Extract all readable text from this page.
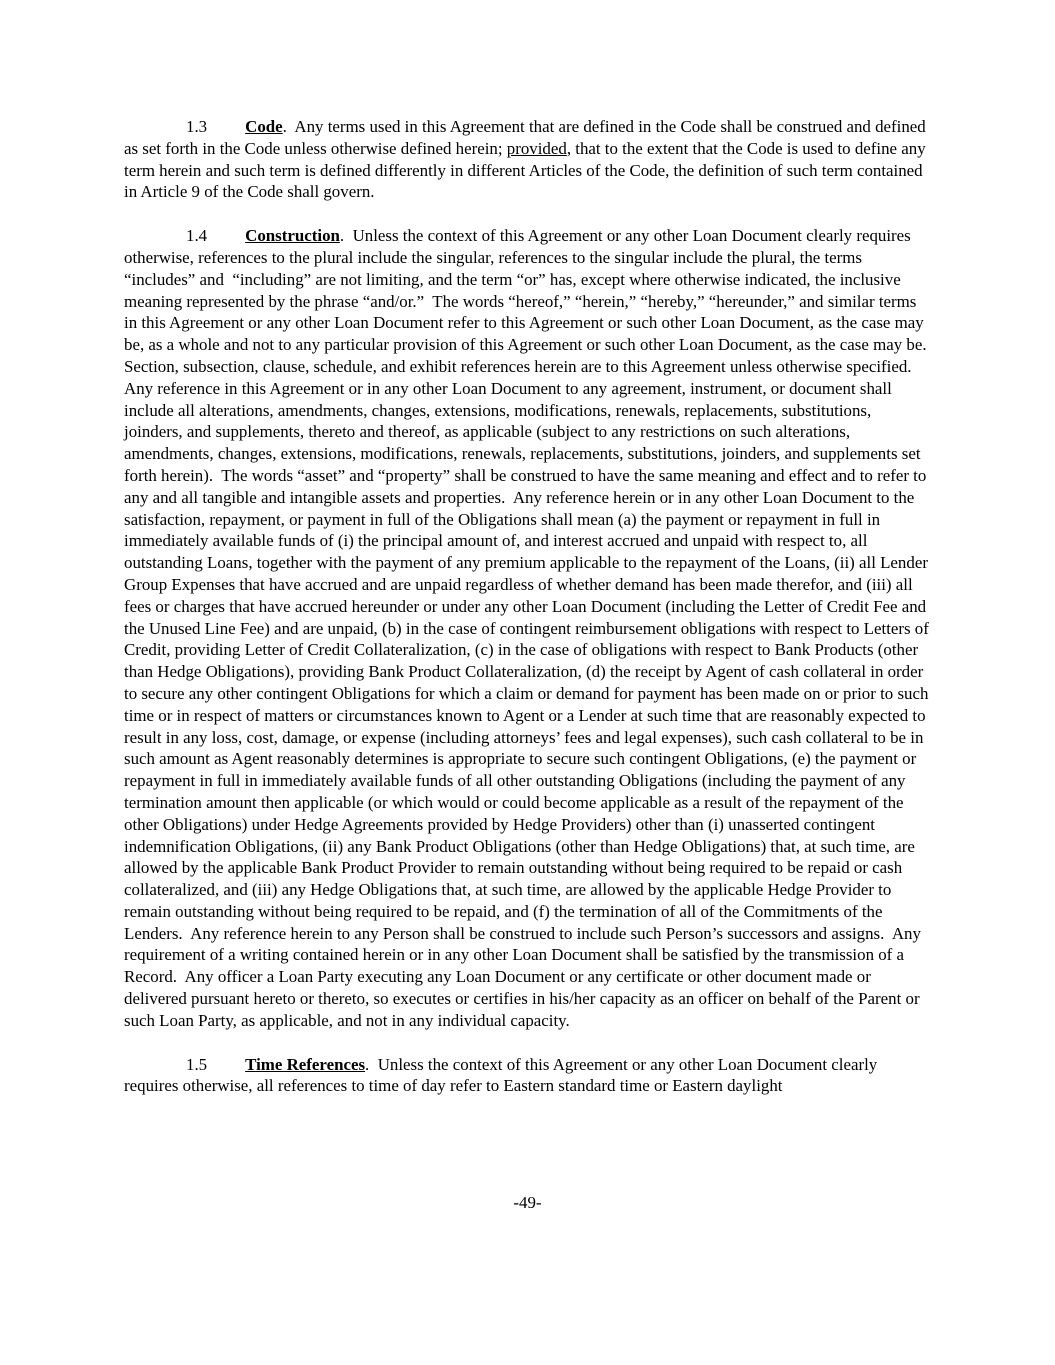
1.3 Code.  Any terms used in this Agreement that are defined in the Code shall be construed and defined as set forth in the Code unless otherwise defined herein; provided, that to the extent that the Code is used to define any term herein and such term is defined differently in different Articles of the Code, the definition of such term contained in Article 9 of the Code shall govern.

1.4 Construction.  Unless the context of this Agreement or any other Loan Document clearly requires otherwise, references to the plural include the singular, references to the singular include the plural, the terms “includes” and  “including” are not limiting, and the term “or” has, except where otherwise indicated, the inclusive meaning represented by the phrase “and/or.”  The words “hereof,” “herein,” “hereby,” “hereunder,” and similar terms in this Agreement or any other Loan Document refer to this Agreement or such other Loan Document, as the case may be, as a whole and not to any particular provision of this Agreement or such other Loan Document, as the case may be.  Section, subsection, clause, schedule, and exhibit references herein are to this Agreement unless otherwise specified.  Any reference in this Agreement or in any other Loan Document to any agreement, instrument, or document shall include all alterations, amendments, changes, extensions, modifications, renewals, replacements, substitutions, joinders, and supplements, thereto and thereof, as applicable (subject to any restrictions on such alterations, amendments, changes, extensions, modifications, renewals, replacements, substitutions, joinders, and supplements set forth herein).  The words “asset” and “property” shall be construed to have the same meaning and effect and to refer to any and all tangible and intangible assets and properties.  Any reference herein or in any other Loan Document to the satisfaction, repayment, or payment in full of the Obligations shall mean (a) the payment or repayment in full in immediately available funds of (i) the principal amount of, and interest accrued and unpaid with respect to, all outstanding Loans, together with the payment of any premium applicable to the repayment of the Loans, (ii) all Lender Group Expenses that have accrued and are unpaid regardless of whether demand has been made therefor, and (iii) all fees or charges that have accrued hereunder or under any other Loan Document (including the Letter of Credit Fee and the Unused Line Fee) and are unpaid, (b) in the case of contingent reimbursement obligations with respect to Letters of Credit, providing Letter of Credit Collateralization, (c) in the case of obligations with respect to Bank Products (other than Hedge Obligations), providing Bank Product Collateralization, (d) the receipt by Agent of cash collateral in order to secure any other contingent Obligations for which a claim or demand for payment has been made on or prior to such time or in respect of matters or circumstances known to Agent or a Lender at such time that are reasonably expected to result in any loss, cost, damage, or expense (including attorneys’ fees and legal expenses), such cash collateral to be in such amount as Agent reasonably determines is appropriate to secure such contingent Obligations, (e) the payment or repayment in full in immediately available funds of all other outstanding Obligations (including the payment of any termination amount then applicable (or which would or could become applicable as a result of the repayment of the other Obligations) under Hedge Agreements provided by Hedge Providers) other than (i) unasserted contingent indemnification Obligations, (ii) any Bank Product Obligations (other than Hedge Obligations) that, at such time, are allowed by the applicable Bank Product Provider to remain outstanding without being required to be repaid or cash collateralized, and (iii) any Hedge Obligations that, at such time, are allowed by the applicable Hedge Provider to remain outstanding without being required to be repaid, and (f) the termination of all of the Commitments of the Lenders.  Any reference herein to any Person shall be construed to include such Person’s successors and assigns.  Any requirement of a writing contained herein or in any other Loan Document shall be satisfied by the transmission of a Record.  Any officer a Loan Party executing any Loan Document or any certificate or other document made or delivered pursuant hereto or thereto, so executes or certifies in his/her capacity as an officer on behalf of the Parent or such Loan Party, as applicable, and not in any individual capacity.

1.5 Time References.  Unless the context of this Agreement or any other Loan Document clearly requires otherwise, all references to time of day refer to Eastern standard time or Eastern daylight

-49-
